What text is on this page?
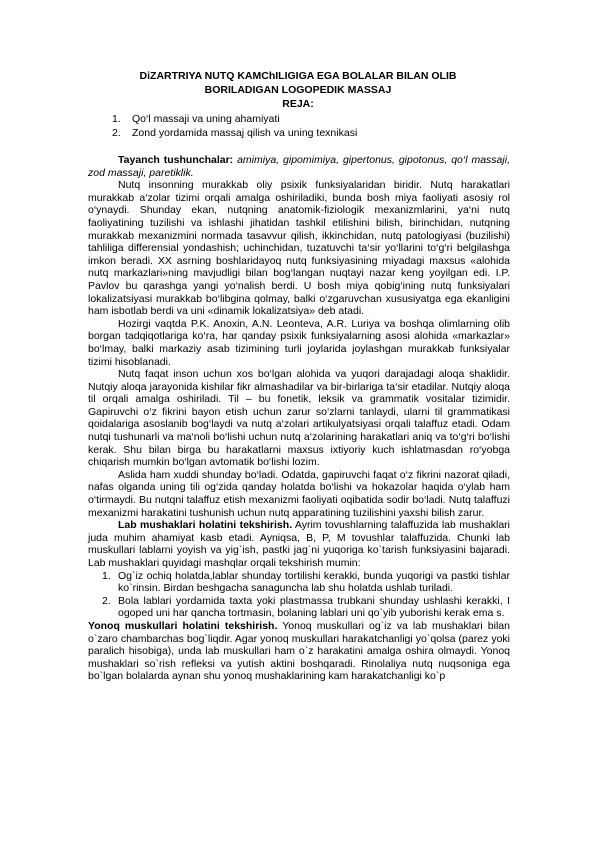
DiZARTRIYA NUTQ KAMChILIGIGA EGA BOLALAR BILAN OLIB BORILADIGAN LOGOPEDIK MASSAJ
REJA:
1. Qo‘l massaji va uning ahamiyati
2. Zond yordamida massaj qilish va uning texnikasi

Tayanch tushunchalar: amimiya, gipomimiya, gipertonus, gipotonus, qo‘l massaji, zod massaji, paretiklik.

Nutq insonning murakkab oliy psixik funksiyalaridan biridir. Nutq harakatlari murakkab a‘zolar tizimi orqali amalga oshiriladiki, bunda bosh miya faoliyati asosiy rol o‘ynaydi. Shunday ekan, nutqning anatomik-fiziologik mexanizmlarini, ya‘ni nutq faoliyatining tuzilishi va ishlashi jihatidan tashkil etilishini bilish, birinchidan, nutqning murakkab mexanizmini normada tasavvur qilish, ikkinchidan, nutq patologiyasi (buzilishi) tahliliga differensial yondashish; uchinchidan, tuzatuvchi ta‘sir yo‘llarini to‘g‘ri belgilashga imkon beradi. XX asrning boshlaridayoq nutq funksiyasining miyadagi maxsus «alohida nutq markazlari»ning mavjudligi bilan bog‘langan nuqtayi nazar keng yoyilgan edi. I.P. Pavlov bu qarashga yangi yo‘nalish berdi. U bosh miya qobig‘ining nutq funksiyalari lokalizatsiyasi murakkab bo‘libgina qolmay, balki o‘zgaruvchan xususiyatga ega ekanligini ham isbotlab berdi va uni «dinamik lokalizatsiya» deb atadi.

Hozirgi vaqtda P.K. Anoxin, A.N. Leonteva, A.R. Luriya va boshqa olimlarning olib borgan tadqiqotlariga ko‘ra, har qanday psixik funksiyalarning asosi alohida «markazlar» bo‘lmay, balki markaziy asab tizimining turli joylarida joylashgan murakkab funksiyalar tizimi hisoblanadi.

Nutq faqat inson uchun xos bo‘lgan alohida va yuqori darajadagi aloqa shaklidir. Nutqiy aloqa jarayonida kishilar fikr almashadilar va bir-birlariga ta‘sir etadilar. Nutqiy aloqa til orqali amalga oshiriladi. Til – bu fonetik, leksik va grammatik vositalar tizimidir. Gapiruvchi o‘z fikrini bayon etish uchun zarur so‘zlarni tanlaydi, ularni til grammatikasi qoidalariga asoslanib bog‘laydi va nutq a‘zolari artikulyatsiyasi orqali talaffuz etadi. Odam nutqi tushunarli va ma‘noli bo‘lishi uchun nutq a‘zolarining harakatlari aniq va to‘g‘ri bo‘lishi kerak. Shu bilan birga bu harakatlarni maxsus ixtiyoriy kuch ishlatmasdan ro‘yobga chiqarish mumkin bo‘lgan avtomatik bo‘lishi lozim.

Aslida ham xuddi shunday bo‘ladi. Odatda, gapiruvchi faqat o‘z fikrini nazorat qiladi, nafas olganda uning tili og‘zida qanday holatda bo‘lishi va hokazolar haqida o‘ylab ham o‘tirmaydi. Bu nutqni talaffuz etish mexanizmi faoliyati oqibatida sodir bo‘ladi. Nutq talaffuzi mexanizmi harakatini tushunish uchun nutq apparatining tuzilishini yaxshi bilish zarur.

Lab mushaklari holatini tekshirish. Ayrim tovushlarning talaffuzida lab mushaklari juda muhim ahamiyat kasb etadi. Ayniqsa, B, P, M tovushlar talaffuzida. Chunki lab muskullari lablarni yoyish va yig`ish, pastki jag`ni yuqoriga ko`tarish funksiyasini bajaradi. Lab mushaklari quyidagi mashqlar orqali tekshirish mumin:

1. Og`iz ochiq holatda,lablar shunday tortilishi kerakki, bunda yuqorigi va pastki tishlar ko`rinsin. Birdan beshgacha sanaguncha lab shu holatda ushlab turiladi.
2. Bola lablari yordamida taxta yoki plastmassa trubkani shunday ushlashi kerakki, I ogoped uni har qancha tortmasin, bolaning lablari uni qo`yib yuborishi kerak ema s.

Yonoq muskullari holatini tekshirish. Yonoq muskullari og`iz va lab mushaklari bilan o`zaro chambarchas bog`liqdir. Agar yonoq muskullari harakatchanligi yo`qolsa (parez yoki paralich hisobiga), unda lab muskullari ham o`z harakatini amalga oshira olmaydi. Yonoq mushaklari so`rish refleksi va yutish aktini boshqaradi. Rinolaliya nutq nuqsoniga ega bo`lgan bolalarda aynan shu yonoq mushaklarining kam harakatchanligi ko`p
